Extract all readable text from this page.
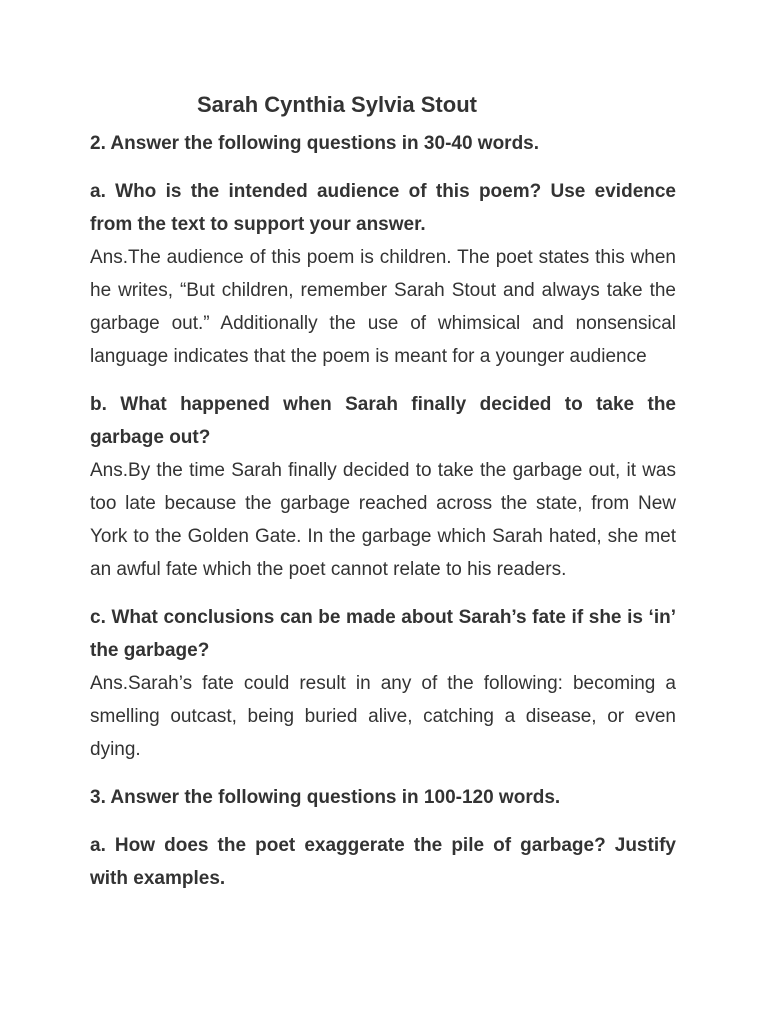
Sarah Cynthia Sylvia Stout

2. Answer the following questions in 30-40 words.

a. Who is the intended audience of this poem? Use evidence from the text to support your answer.

Ans.The audience of this poem is children. The poet states this when he writes, “But children, remember Sarah Stout and always take the garbage out.” Additionally the use of whimsical and nonsensical language indicates that the poem is meant for a younger audience

b. What happened when Sarah finally decided to take the garbage out?

Ans.By the time Sarah finally decided to take the garbage out, it was too late because the garbage reached across the state, from New York to the Golden Gate. In the garbage which Sarah hated, she met an awful fate which the poet cannot relate to his readers.

c. What conclusions can be made about Sarah’s fate if she is ‘in’ the garbage?

Ans.Sarah’s fate could result in any of the following: becoming a smelling outcast, being buried alive, catching a disease, or even dying.

3. Answer the following questions in 100-120 words.

a. How does the poet exaggerate the pile of garbage? Justify with examples.
